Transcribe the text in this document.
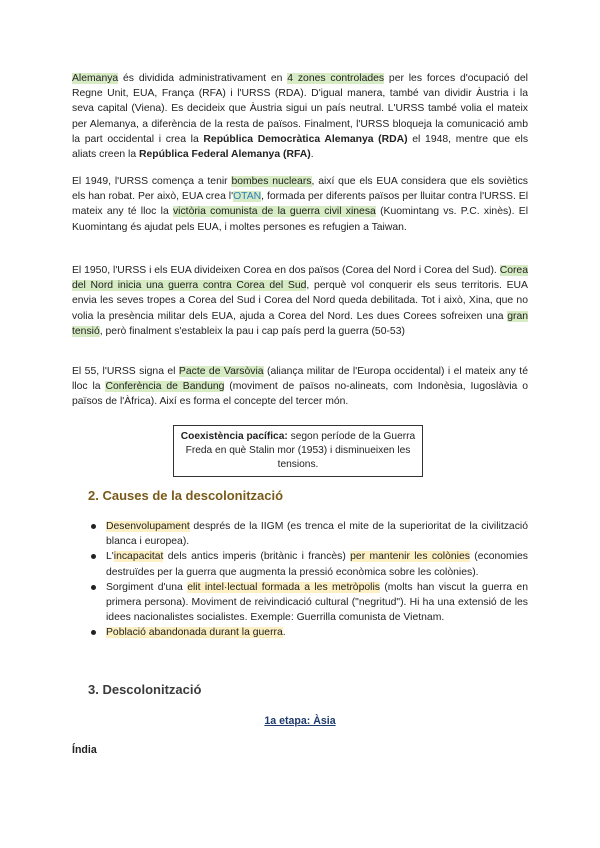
Alemanya és dividida administrativament en 4 zones controlades per les forces d'ocupació del Regne Unit, EUA, França (RFA) i l'URSS (RDA). D'igual manera, també van dividir Àustria i la seva capital (Viena). Es decideix que Àustria sigui un país neutral. L'URSS també volia el mateix per Alemanya, a diferència de la resta de països. Finalment, l'URSS bloqueja la comunicació amb la part occidental i crea la República Democràtica Alemanya (RDA) el 1948, mentre que els aliats creen la República Federal Alemanya (RFA).

El 1949, l'URSS comença a tenir bombes nuclears, així que els EUA considera que els soviètics els han robat. Per això, EUA crea l'OTAN, formada per diferents països per lluitar contra l'URSS. El mateix any té lloc la victòria comunista de la guerra civil xinesa (Kuomintang vs. P.C. xinès). El Kuomintang és ajudat pels EUA, i moltes persones es refugien a Taiwan.

El 1950, l'URSS i els EUA divideixen Corea en dos països (Corea del Nord i Corea del Sud). Corea del Nord inicia una guerra contra Corea del Sud, perquè vol conquerir els seus territoris. EUA envia les seves tropes a Corea del Sud i Corea del Nord queda debilitada. Tot i això, Xina, que no volia la presència militar dels EUA, ajuda a Corea del Nord. Les dues Corees sofreixen una gran tensió, però finalment s'estableix la pau i cap país perd la guerra (50-53)

El 55, l'URSS signa el Pacte de Varsòvia (aliança militar de l'Europa occidental) i el mateix any té lloc la Conferència de Bandung (moviment de països no-alineats, com Indonèsia, Iugoslàvia o països de l'Àfrica). Així es forma el concepte del tercer món.

Coexistència pacífica: segon període de la Guerra Freda en què Stalin mor (1953) i disminueixen les tensions.
2. Causes de la descolonització
Desenvolupament després de la IIGM (es trenca el mite de la superioritat de la civilització blanca i europea).
L'incapacitat dels antics imperis (britànic i francès) per mantenir les colònies (economies destruïdes per la guerra que augmenta la pressió econòmica sobre les colònies).
Sorgiment d'una elit intel·lectual formada a les metròpolis (molts han viscut la guerra en primera persona). Moviment de reivindicació cultural ("negritud"). Hi ha una extensió de les idees nacionalistes socialistes. Exemple: Guerrilla comunista de Vietnam.
Població abandonada durant la guerra.
3. Descolonització
1a etapa: Àsia
Índia
